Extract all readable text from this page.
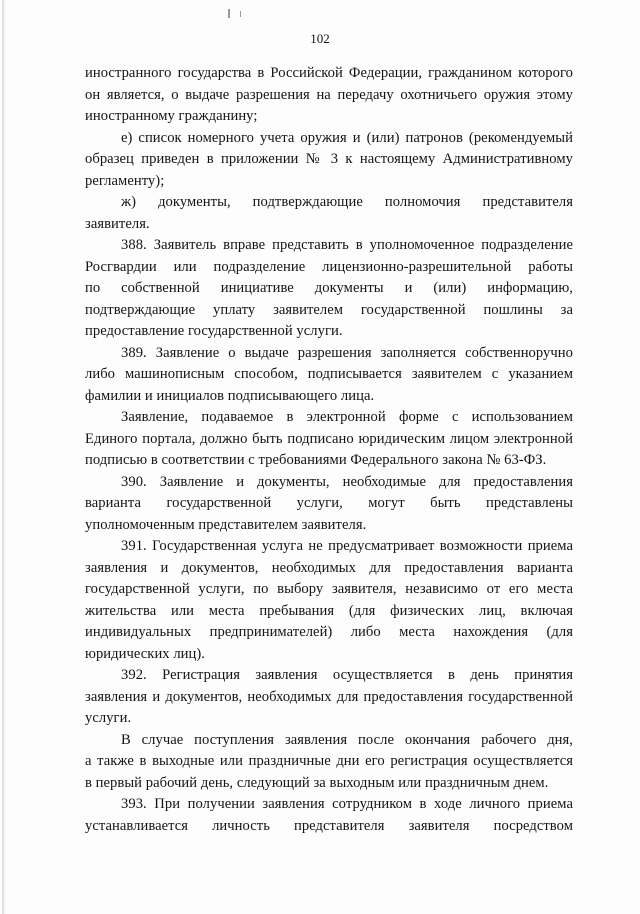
102

иностранного государства в Российской Федерации, гражданином которого
он является, о выдаче разрешения на передачу охотничьего оружия этому
иностранному гражданину;

е) список номерного учета оружия и (или) патронов (рекомендуемый
образец приведен в приложении № 3 к настоящему Административному
регламенту);

ж) документы, подтверждающие полномочия представителя
заявителя.

388. Заявитель вправе представить в уполномоченное подразделение
Росгвардии или подразделение лицензионно-разрешительной работы
по собственной инициативе документы и (или) информацию,
подтверждающие уплату заявителем государственной пошлины за
предоставление государственной услуги.

389. Заявление о выдаче разрешения заполняется собственноручно
либо машинописным способом, подписывается заявителем с указанием
фамилии и инициалов подписывающего лица.

Заявление, подаваемое в электронной форме с использованием
Единого портала, должно быть подписано юридическим лицом электронной
подписью в соответствии с требованиями Федерального закона № 63-ФЗ.

390. Заявление и документы, необходимые для предоставления
варианта государственной услуги, могут быть представлены
уполномоченным представителем заявителя.

391. Государственная услуга не предусматривает возможности приема
заявления и документов, необходимых для предоставления варианта
государственной услуги, по выбору заявителя, независимо от его места
жительства или места пребывания (для физических лиц, включая
индивидуальных предпринимателей) либо места нахождения (для
юридических лиц).

392. Регистрация заявления осуществляется в день принятия
заявления и документов, необходимых для предоставления государственной
услуги.

В случае поступления заявления после окончания рабочего дня,
а также в выходные или праздничные дни его регистрация осуществляется
в первый рабочий день, следующий за выходным или праздничным днем.

393. При получении заявления сотрудником в ходе личного приема
устанавливается личность представителя заявителя посредством
